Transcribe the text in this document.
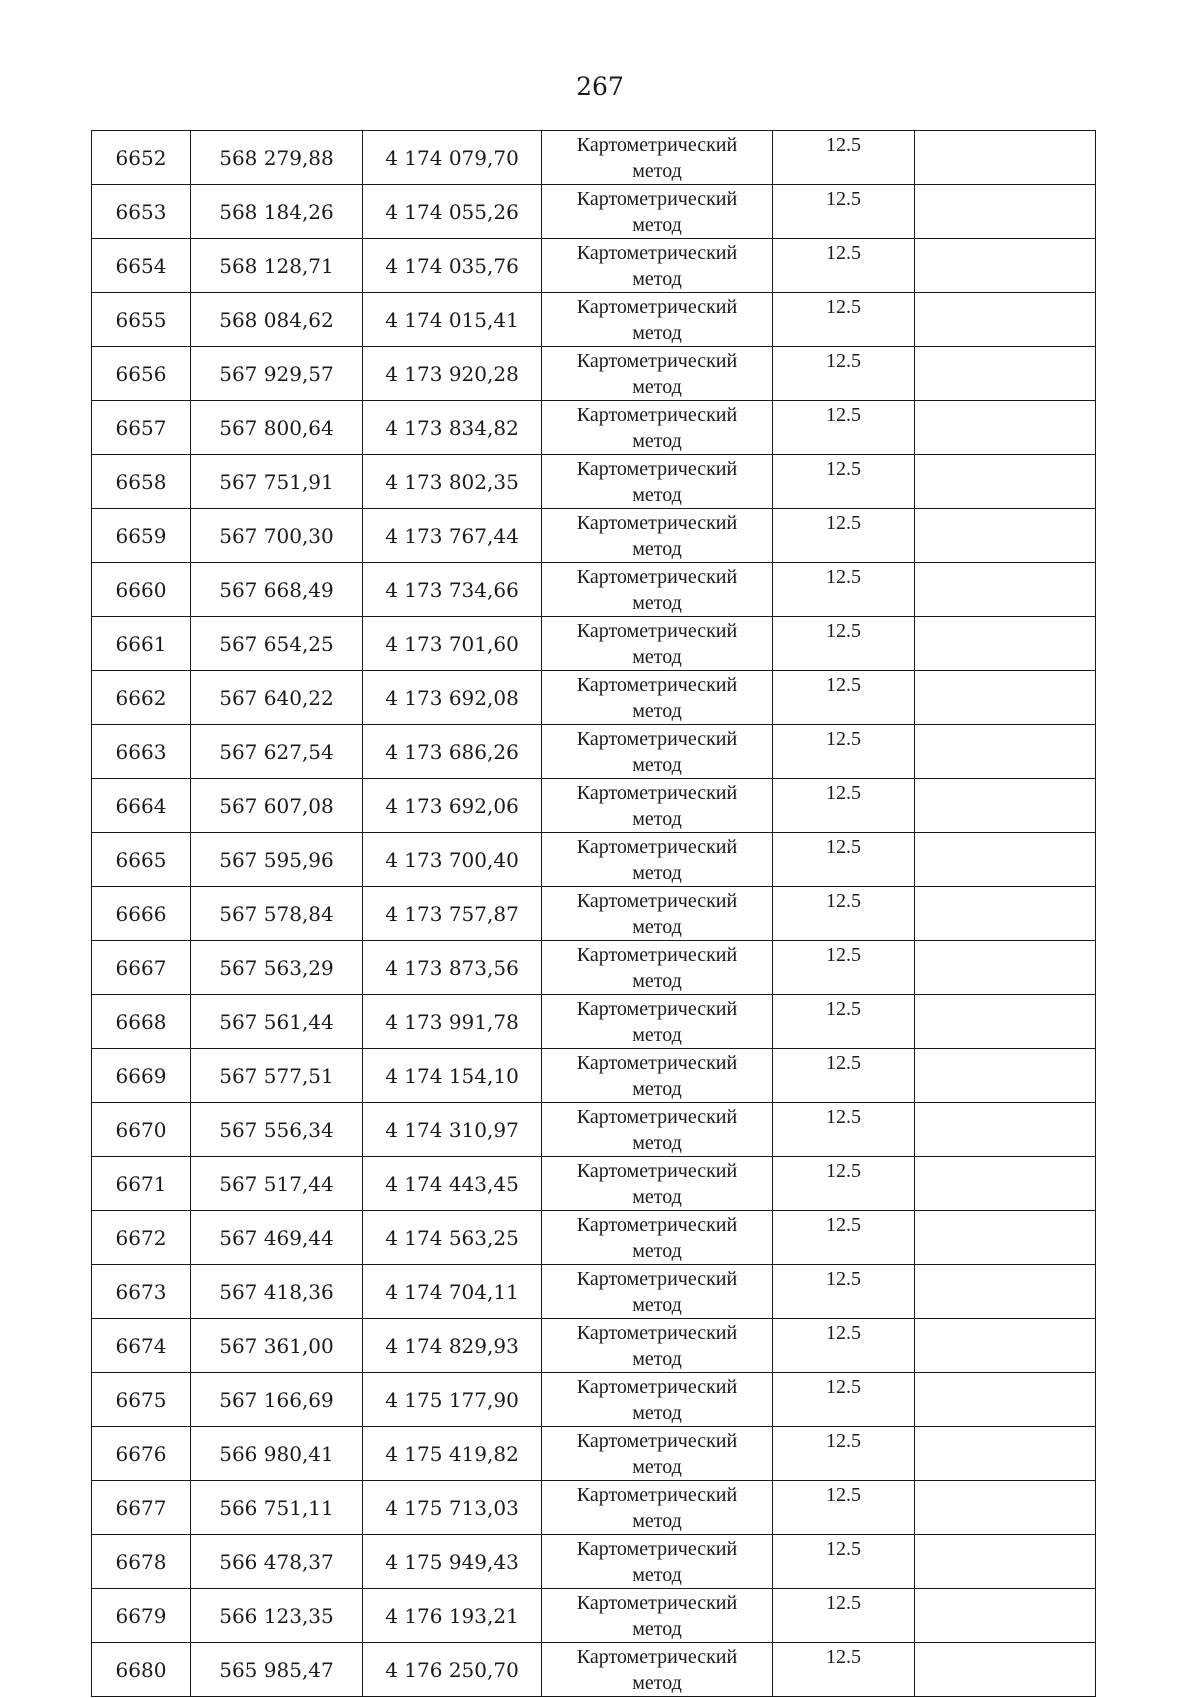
267
6652	568 279,88	4 174 079,70	Картометрический
метод	12.5	
6653	568 184,26	4 174 055,26	Картометрический
метод	12.5	
6654	568 128,71	4 174 035,76	Картометрический
метод	12.5	
6655	568 084,62	4 174 015,41	Картометрический
метод	12.5	
6656	567 929,57	4 173 920,28	Картометрический
метод	12.5	
6657	567 800,64	4 173 834,82	Картометрический
метод	12.5	
6658	567 751,91	4 173 802,35	Картометрический
метод	12.5	
6659	567 700,30	4 173 767,44	Картометрический
метод	12.5	
6660	567 668,49	4 173 734,66	Картометрический
метод	12.5	
6661	567 654,25	4 173 701,60	Картометрический
метод	12.5	
6662	567 640,22	4 173 692,08	Картометрический
метод	12.5	
6663	567 627,54	4 173 686,26	Картометрический
метод	12.5	
6664	567 607,08	4 173 692,06	Картометрический
метод	12.5	
6665	567 595,96	4 173 700,40	Картометрический
метод	12.5	
6666	567 578,84	4 173 757,87	Картометрический
метод	12.5	
6667	567 563,29	4 173 873,56	Картометрический
метод	12.5	
6668	567 561,44	4 173 991,78	Картометрический
метод	12.5	
6669	567 577,51	4 174 154,10	Картометрический
метод	12.5	
6670	567 556,34	4 174 310,97	Картометрический
метод	12.5	
6671	567 517,44	4 174 443,45	Картометрический
метод	12.5	
6672	567 469,44	4 174 563,25	Картометрический
метод	12.5	
6673	567 418,36	4 174 704,11	Картометрический
метод	12.5	
6674	567 361,00	4 174 829,93	Картометрический
метод	12.5	
6675	567 166,69	4 175 177,90	Картометрический
метод	12.5	
6676	566 980,41	4 175 419,82	Картометрический
метод	12.5	
6677	566 751,11	4 175 713,03	Картометрический
метод	12.5	
6678	566 478,37	4 175 949,43	Картометрический
метод	12.5	
6679	566 123,35	4 176 193,21	Картометрический
метод	12.5	
6680	565 985,47	4 176 250,70	Картометрический
метод	12.5	
